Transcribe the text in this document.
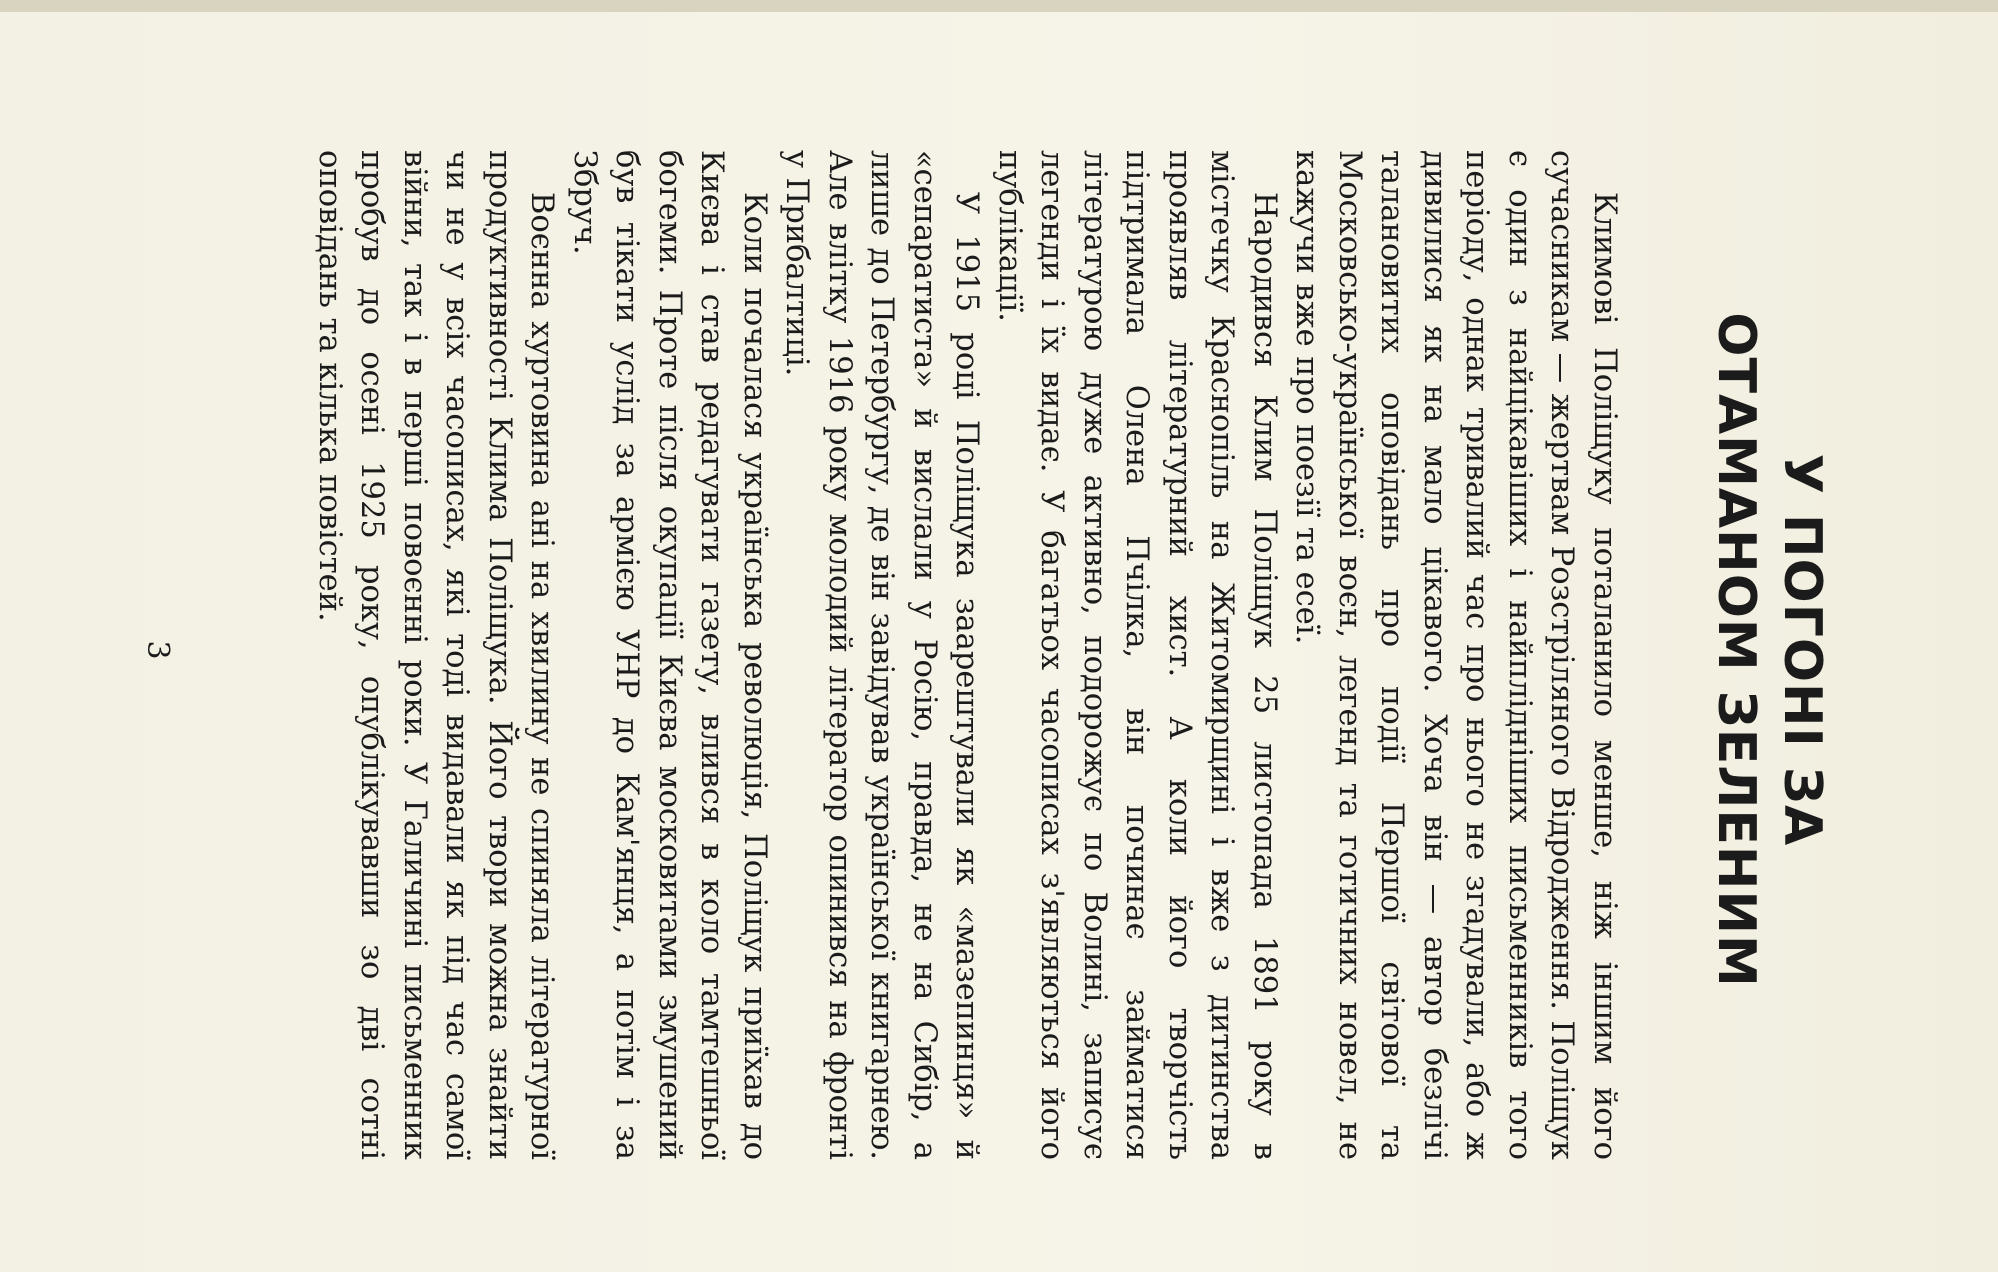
У ПОГОНІ ЗА
ОТАМАНОМ ЗЕЛЕНИМ

Климові Поліщуку поталанило менше, ніж іншим його сучасникам — жертвам Розстріляного Відродження. Поліщук є один з найцікавіших і найплідніших письменників того періоду, однак тривалий час про нього не згадували, або ж дивилися як на мало цікавого. Хоча він — автор безлічі талановитих оповідань про події Першої світової та Московсько-української воєн, легенд та готичних новел, не кажучи вже про поезії та есеї.

Народився Клим Поліщук 25 листопада 1891 року в містечку Краснопіль на Житомирщині і вже з дитинства проявляв літературний хист. А коли його творчість підтримала Олена Пчілка, він починає займатися літературою дуже активно, подорожує по Волині, записує легенди і їх видає. У багатьох часописах з'являються його публікації.

У 1915 році Поліщука заарештували як «мазепинця» й «сепаратиста» й вислали у Росію, правда, не на Сибір, а лише до Петербургу, де він завідував української книгарнею. Але влітку 1916 року молодий літератор опинився на фронті у Прибалтиці.

Коли почалася українська революція, Поліщук приїхав до Києва і став редагувати газету, влився в коло тамтешньої богеми. Проте після окупації Києва московитами змушений був тікати услід за армією УНР до Кам'янця, а потім і за Збруч.

Воєнна хуртовина ані на хвилину не спиняла літературної продуктивності Клима Поліщука. Його твори можна знайти чи не у всіх часописах, які тоді видавали як під час самої війни, так і в перші повоєнні роки. У Галичині письменник пробув до осені 1925 року, опублікувавши зо дві сотні оповідань та кілька повістей.

3
